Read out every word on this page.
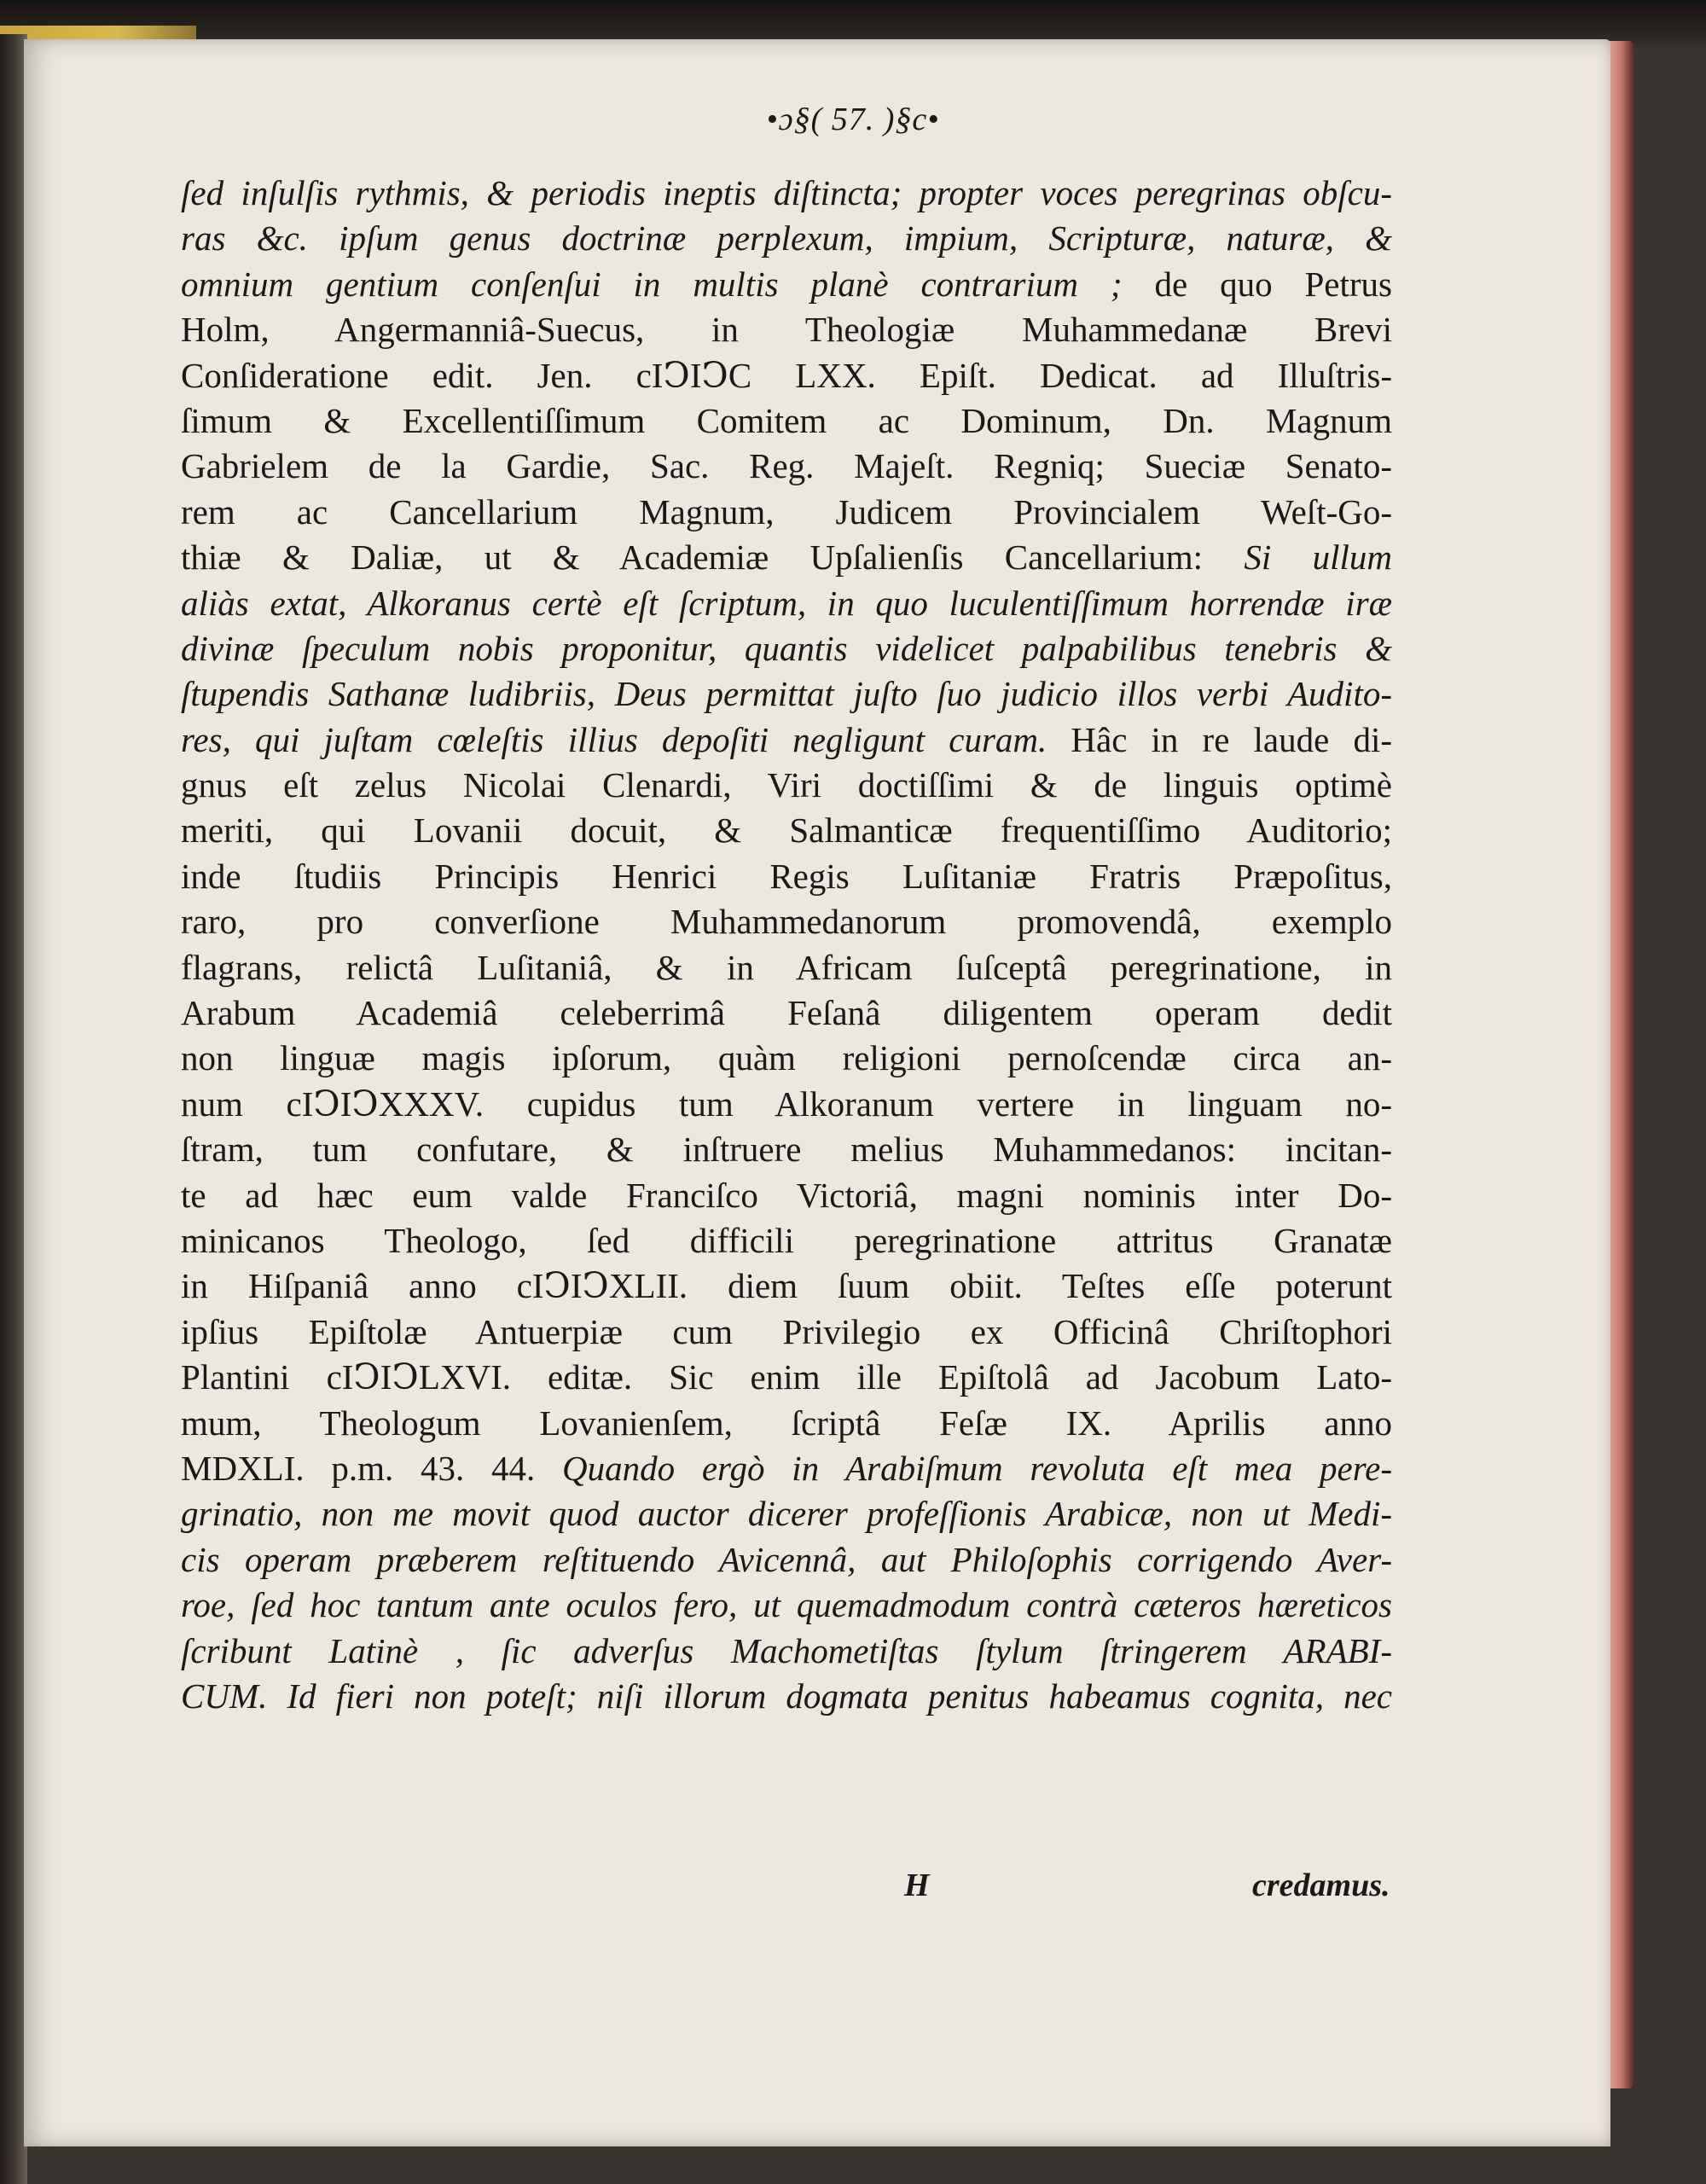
•ɔ§( 57. )§c•
ſed inſulſis rythmis, & periodis ineptis diſtincta; propter voces peregrinas obſcu-
ras &c. ipſum genus doctrinæ perplexum, impium, Scripturæ, naturæ, &
omnium gentium conſenſui in multis planè contrarium ; de quo Petrus
Holm, Angermanniâ-Suecus, in Theologiæ Muhammedanæ Brevi
Conſideratione edit. Jen. cIↃIↃC LXX. Epiſt. Dedicat. ad Illuſtris-
ſimum & Excellentiſſimum Comitem ac Dominum, Dn. Magnum
Gabrielem de la Gardie, Sac. Reg. Majeſt. Regniq; Sueciæ Senato-
rem ac Cancellarium Magnum, Judicem Provincialem Weſt-Go-
thiæ & Daliæ, ut & Academiæ Upſalienſis Cancellarium: Si ullum
aliàs extat, Alkoranus certè eſt ſcriptum, in quo luculentiſſimum horrendæ iræ
divinæ ſpeculum nobis proponitur, quantis videlicet palpabilibus tenebris &
ſtupendis Sathanæ ludibriis, Deus permittat juſto ſuo judicio illos verbi Audito-
res, qui juſtam cœleſtis illius depoſiti negligunt curam. Hâc in re laude di-
gnus eſt zelus Nicolai Clenardi, Viri doctiſſimi & de linguis optimè
meriti, qui Lovanii docuit, & Salmanticæ frequentiſſimo Auditorio;
inde ſtudiis Principis Henrici Regis Luſitaniæ Fratris Præpoſitus,
raro, pro converſione Muhammedanorum promovendâ, exemplo
flagrans, relictâ Luſitaniâ, & in Africam ſuſceptâ peregrinatione, in
Arabum Academiâ celeberrimâ Feſanâ diligentem operam dedit
non linguæ magis ipſorum, quàm religioni pernoſcendæ circa an-
num cIↃIↃXXXV. cupidus tum Alkoranum vertere in linguam no-
ſtram, tum confutare, & inſtruere melius Muhammedanos: incitan-
te ad hæc eum valde Franciſco Victoriâ, magni nominis inter Do-
minicanos Theologo, ſed difficili peregrinatione attritus Granatæ
in Hiſpaniâ anno cIↃIↃXLII. diem ſuum obiit. Teſtes eſſe poterunt
ipſius Epiſtolæ Antuerpiæ cum Privilegio ex Officinâ Chriſtophori
Plantini cIↃIↃLXVI. editæ. Sic enim ille Epiſtolâ ad Jacobum Lato-
mum, Theologum Lovanienſem, ſcriptâ Feſæ IX. Aprilis anno
MDXLI. p.m. 43. 44. Quando ergò in Arabiſmum revoluta eſt mea pere-
grinatio, non me movit quod auctor dicerer profeſſionis Arabicæ, non ut Medi-
cis operam præberem reſtituendo Avicennâ, aut Philoſophis corrigendo Aver-
roe, ſed hoc tantum ante oculos fero, ut quemadmodum contrà cæteros hæreticos
ſcribunt Latinè , ſic adverſus Machometiſtas ſtylum ſtringerem ARABI-
CUM. Id fieri non poteſt; niſi illorum dogmata penitus habeamus cognita, nec
H	credamus.
